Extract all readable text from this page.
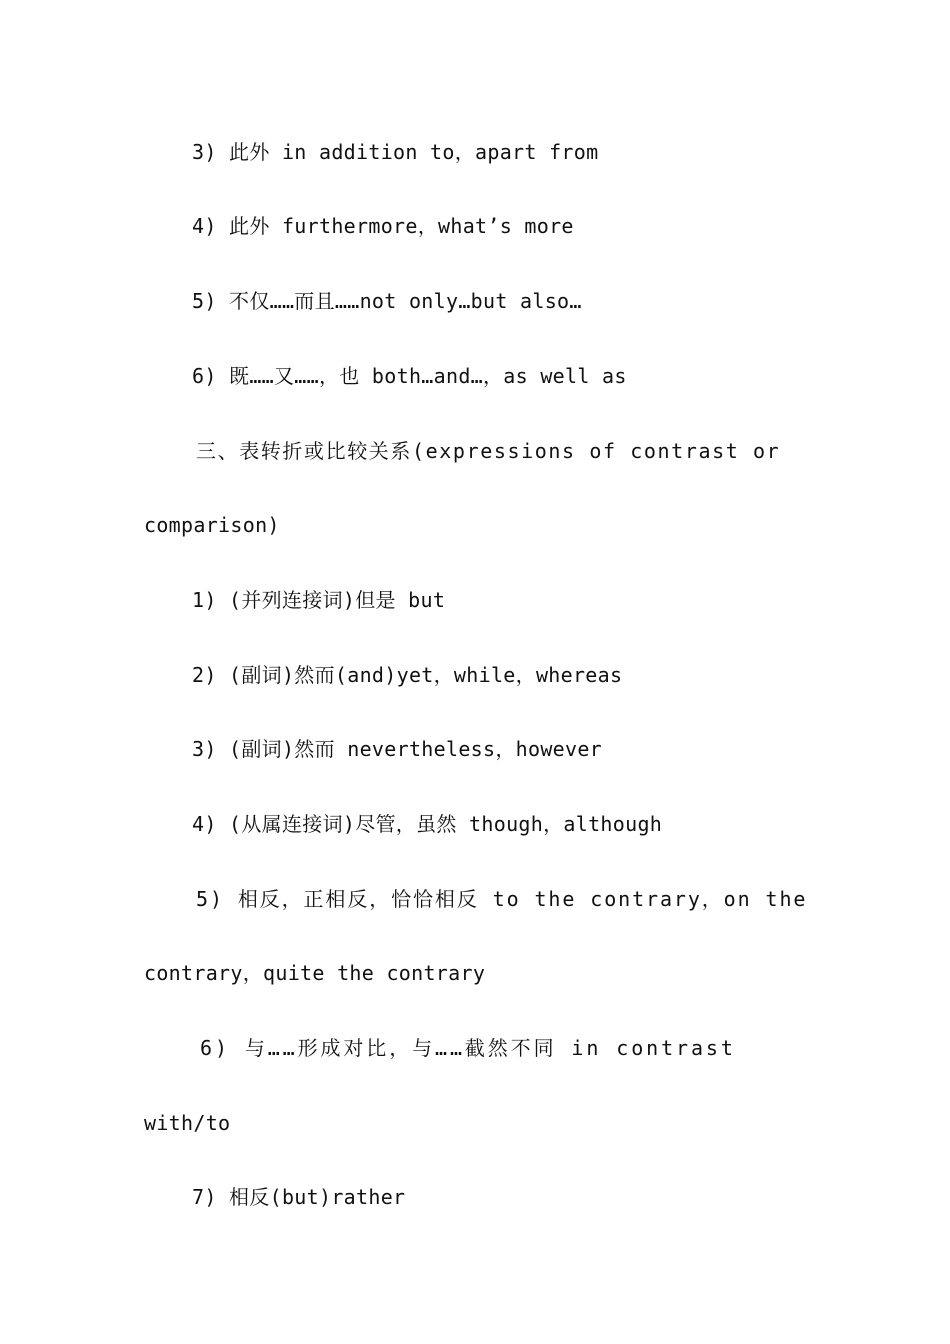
3) 此外 in addition to，apart from
4) 此外 furthermore，what’s more
5) 不仅……而且……not only…but also…
6) 既……又……，也 both…and…，as well as
三、表转折或比较关系(expressions of contrast or
comparison)
1) (并列连接词)但是 but
2) (副词)然而(and)yet，while，whereas
3) (副词)然而 nevertheless，however
4) (从属连接词)尽管，虽然 though，although
5) 相反，正相反，恰恰相反 to the contrary，on the
contrary，quite the contrary
6) 与……形成对比，与……截然不同 in contrast
with/to
7) 相反(but)rather
